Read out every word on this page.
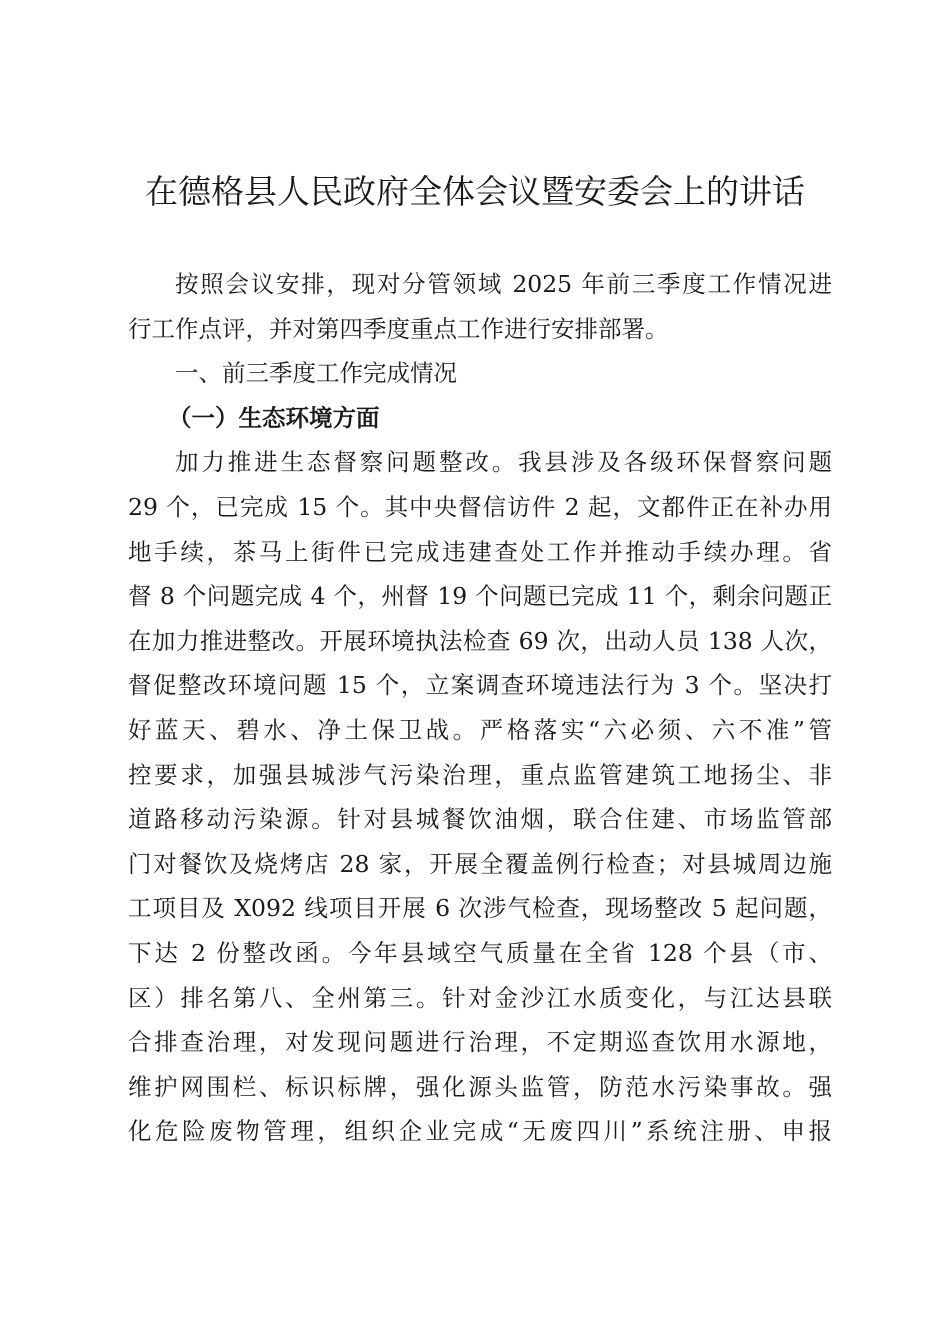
在德格县人民政府全体会议暨安委会上的讲话
按照会议安排，现对分管领域 2025 年前三季度工作情况进
行工作点评，并对第四季度重点工作进行安排部署。
一、前三季度工作完成情况
（一）生态环境方面
加力推进生态督察问题整改。我县涉及各级环保督察问题
29 个，已完成 15 个。其中央督信访件 2 起，文都件正在补办用
地手续，茶马上街件已完成违建查处工作并推动手续办理。省
督 8 个问题完成 4 个，州督 19 个问题已完成 11 个，剩余问题正
在加力推进整改。开展环境执法检查 69 次，出动人员 138 人次，
督促整改环境问题 15 个，立案调查环境违法行为 3 个。坚决打
好蓝天、碧水、净土保卫战。严格落实“六必须、六不准”管
控要求，加强县城涉气污染治理，重点监管建筑工地扬尘、非
道路移动污染源。针对县城餐饮油烟，联合住建、市场监管部
门对餐饮及烧烤店 28 家，开展全覆盖例行检查；对县城周边施
工项目及 X092 线项目开展 6 次涉气检查，现场整改 5 起问题，
下达 2 份整改函。今年县域空气质量在全省 128 个县（市、
区）排名第八、全州第三。针对金沙江水质变化，与江达县联
合排查治理，对发现问题进行治理，不定期巡查饮用水源地，
维护网围栏、标识标牌，强化源头监管，防范水污染事故。强
化危险废物管理，组织企业完成“无废四川”系统注册、申报
